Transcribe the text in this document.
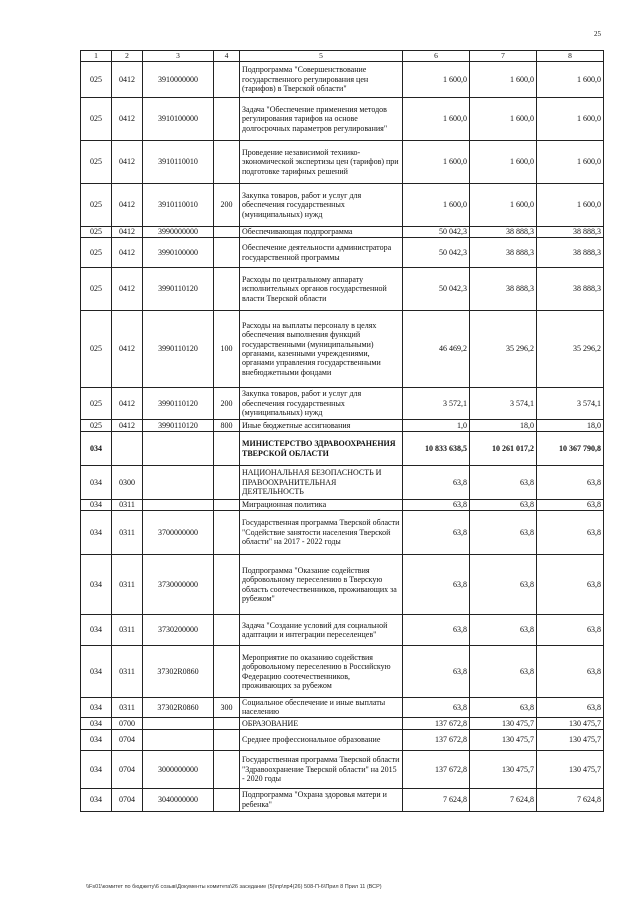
25
1	2	3	4	5	6	7	8
025	0412	3910000000		Подпрограмма "Совершенствование государственного регулирования цен (тарифов) в Тверской области"	1 600,0	1 600,0	1 600,0
025	0412	3910100000		Задача "Обеспечение применения методов регулирования тарифов на основе долгосрочных параметров регулирования"	1 600,0	1 600,0	1 600,0
025	0412	3910110010		Проведение независимой технико-экономической экспертизы цен (тарифов) при подготовке тарифных решений	1 600,0	1 600,0	1 600,0
025	0412	3910110010	200	Закупка товаров, работ и услуг для обеспечения государственных (муниципальных) нужд	1 600,0	1 600,0	1 600,0
025	0412	3990000000		Обеспечивающая подпрограмма	50 042,3	38 888,3	38 888,3
025	0412	3990100000		Обеспечение деятельности администратора государственной программы	50 042,3	38 888,3	38 888,3
025	0412	3990110120		Расходы по центральному аппарату исполнительных органов государственной власти Тверской области	50 042,3	38 888,3	38 888,3
025	0412	3990110120	100	Расходы на выплаты персоналу в целях обеспечения выполнения функций государственными (муниципальными) органами, казенными учреждениями, органами управления государственными внебюджетными фондами	46 469,2	35 296,2	35 296,2
025	0412	3990110120	200	Закупка товаров, работ и услуг для обеспечения государственных (муниципальных) нужд	3 572,1	3 574,1	3 574,1
025	0412	3990110120	800	Иные бюджетные ассигнования	1,0	18,0	18,0
034				МИНИСТЕРСТВО ЗДРАВООХРАНЕНИЯ ТВЕРСКОЙ ОБЛАСТИ	10 833 638,5	10 261 017,2	10 367 790,8
034	0300			НАЦИОНАЛЬНАЯ БЕЗОПАСНОСТЬ И ПРАВООХРАНИТЕЛЬНАЯ ДЕЯТЕЛЬНОСТЬ	63,8	63,8	63,8
034	0311			Миграционная политика	63,8	63,8	63,8
034	0311	3700000000		Государственная программа Тверской области "Содействие занятости населения Тверской области" на 2017 - 2022 годы	63,8	63,8	63,8
034	0311	3730000000		Подпрограмма "Оказание содействия добровольному переселению в Тверскую область соотечественников, проживающих за рубежом"	63,8	63,8	63,8
034	0311	3730200000		Задача "Создание условий для социальной адаптации и интеграции переселенцев"	63,8	63,8	63,8
034	0311	37302R0860		Мероприятие по оказанию содействия добровольному переселению в Российскую Федерацию соотечественников, проживающих за рубежом	63,8	63,8	63,8
034	0311	37302R0860	300	Социальное обеспечение и иные выплаты населению	63,8	63,8	63,8
034	0700			ОБРАЗОВАНИЕ	137 672,8	130 475,7	130 475,7
034	0704			Среднее профессиональное образование	137 672,8	130 475,7	130 475,7
034	0704	3000000000		Государственная программа Тверской области "Здравоохранение Тверской области" на 2015 - 2020 годы	137 672,8	130 475,7	130 475,7
034	0704	3040000000		Подпрограмма "Охрана здоровья матери и ребенка"	7 624,8	7 624,8	7 624,8
\\Fs01\комитет по бюджету\6 созыв\Документы комитета\26 заседание (5)\пр\пр4(26) 508-П-6\Прил 8 Прил 11 (ВСР)
